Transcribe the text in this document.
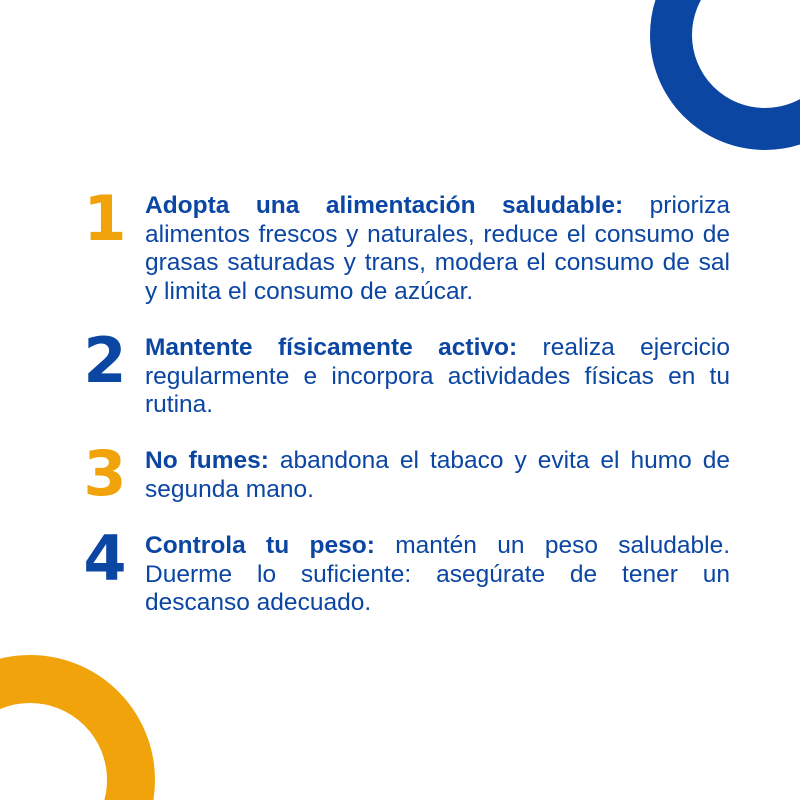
1 Adopta una alimentación saludable: prioriza alimentos frescos y naturales, reduce el consumo de grasas saturadas y trans, modera el consumo de sal y limita el consumo de azúcar.
2 Mantente físicamente activo: realiza ejercicio regularmente e incorpora actividades físicas en tu rutina.
3 No fumes: abandona el tabaco y evita el humo de segunda mano.
4 Controla tu peso: mantén un peso saludable. Duerme lo suficiente: asegúrate de tener un descanso adecuado.
